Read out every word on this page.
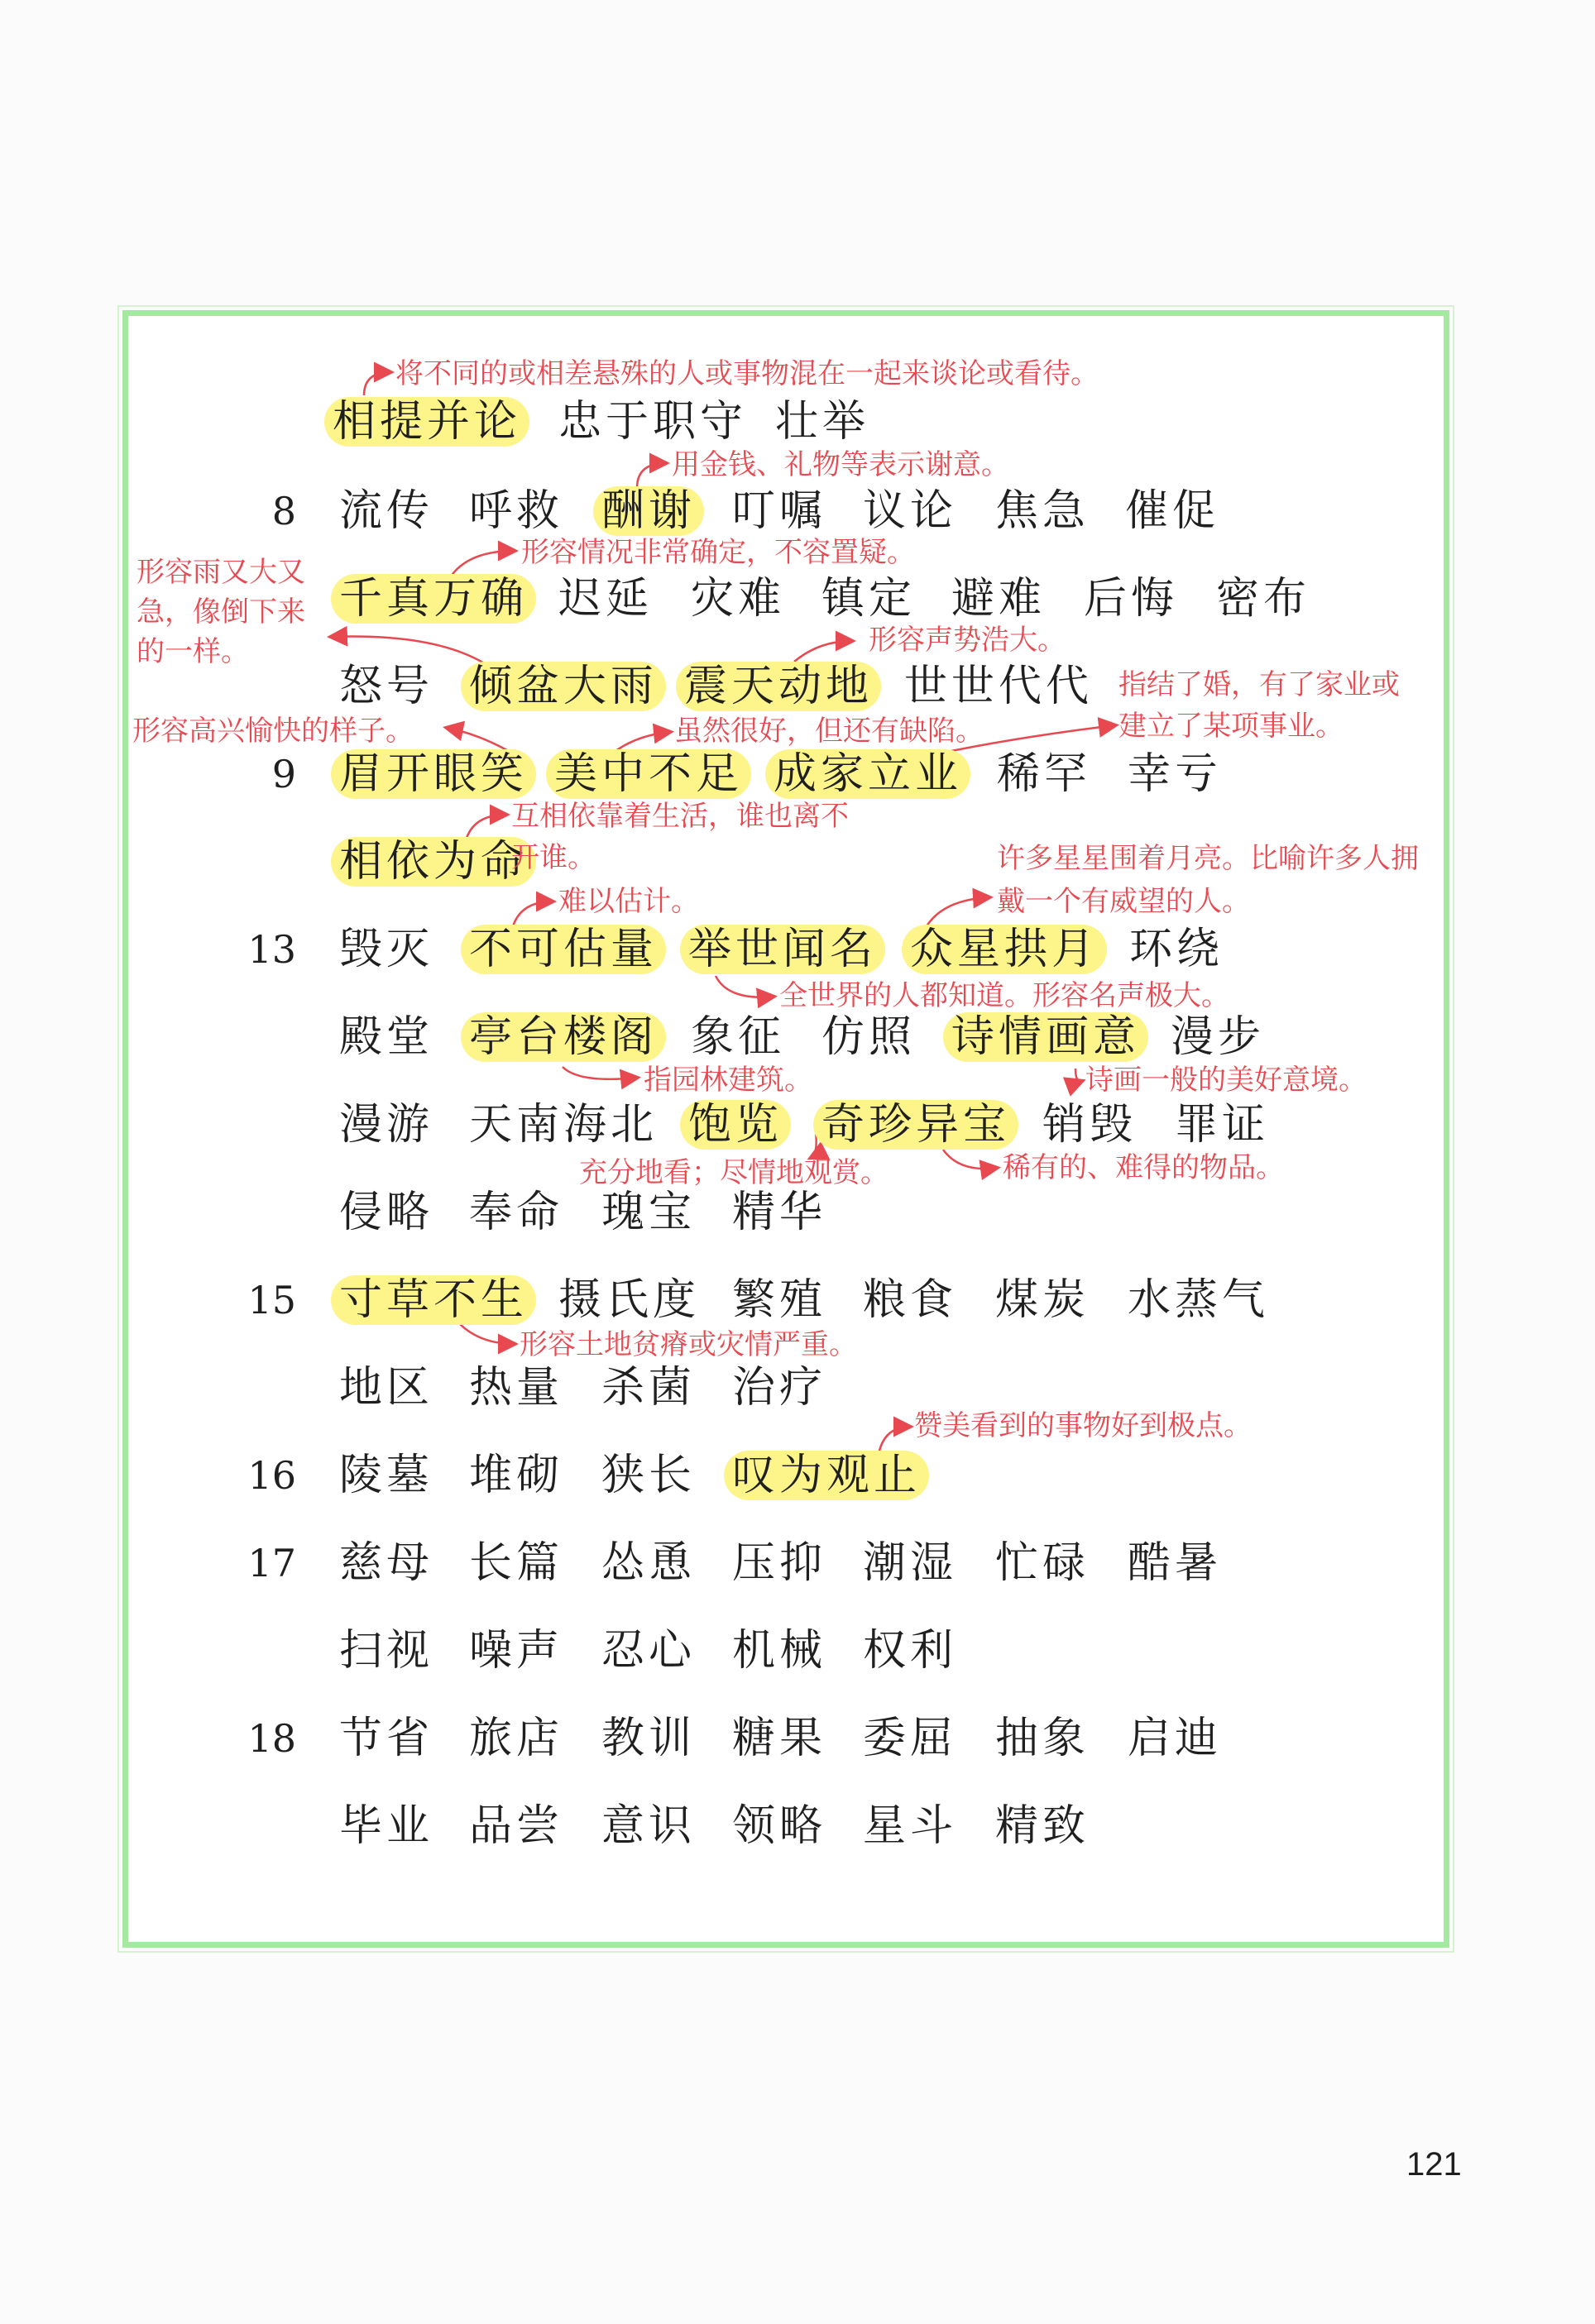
相提并论 忠于职守 壮举
将不同的或相差悬殊的人或事物混在一起来谈论或看待。
8 流传 呼救 酬谢 叮嘱 议论 焦急 催促
用金钱、礼物等表示谢意。
千真万确 迟延 灾难 镇定 避难 后悔 密布
形容情况非常确定，不容置疑。
形容雨又大又急，像倒下来的一样。
怒号 倾盆大雨 震天动地 世世代代
形容声势浩大。
指结了婚，有了家业或建立了某项事业。
9 眉开眼笑 美中不足 成家立业 稀罕 幸亏
形容高兴愉快的样子。	虽然很好，但还有缺陷。
相依为命
互相依靠着生活，谁也离不开谁。
13 毁灭 不可估量 举世闻名 众星拱月 环绕
许多星星围着月亮。比喻许多人拥戴一个有威望的人。
难以估计。
全世界的人都知道。形容名声极大。
殿堂 亭台楼阁 象征 仿照 诗情画意 漫步
指园林建筑。	诗画一般的美好意境。
漫游 天南海北 饱览 奇珍异宝 销毁 罪证
充分地看；尽情地观赏。	稀有的、难得的物品。
侵略 奉命 瑰宝 精华
15 寸草不生 摄氏度 繁殖 粮食 煤炭 水蒸气
形容土地贫瘠或灾情严重。
地区 热量 杀菌 治疗
16 陵墓 堆砌 狭长 叹为观止
赞美看到的事物好到极点。
17 慈母 长篇 怂恿 压抑 潮湿 忙碌 酷暑
扫视 噪声 忍心 机械 权利
18 节省 旅店 教训 糖果 委屈 抽象 启迪
毕业 品尝 意识 领略 星斗 精致
121
